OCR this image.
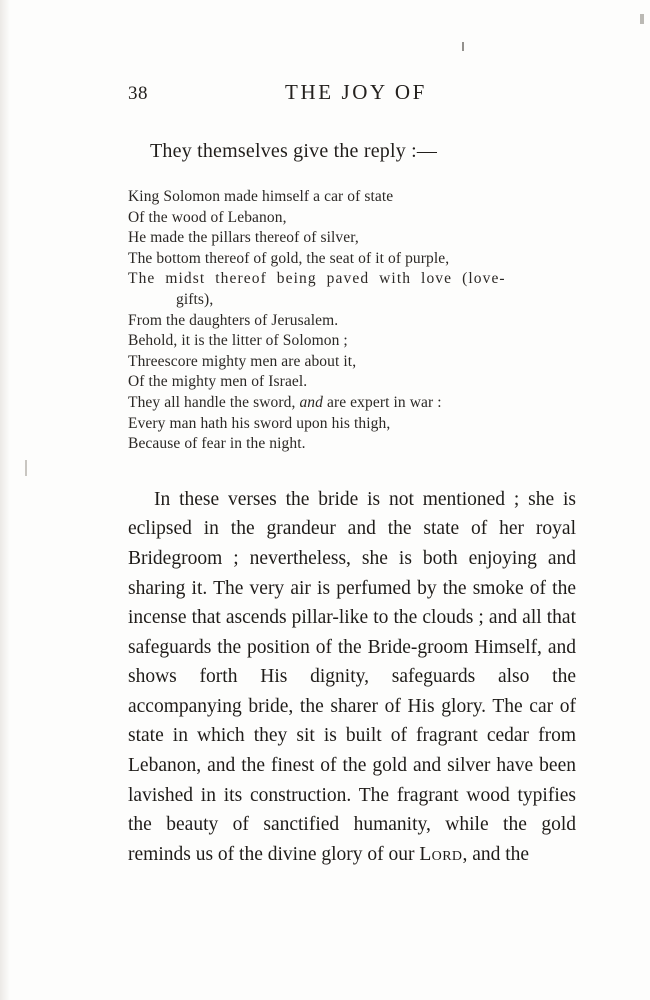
38	THE JOY OF
They themselves give the reply :—
King Solomon made himself a car of state
Of the wood of Lebanon,
He made the pillars thereof of silver,
The bottom thereof of gold, the seat of it of purple,
The  midst  thereof  being  paved  with  love  (love-
gifts),
From the daughters of Jerusalem.
Behold, it is the litter of Solomon ;
Threescore mighty men are about it,
Of the mighty men of Israel.
They all handle the sword, and are expert in war :
Every man hath his sword upon his thigh,
Because of fear in the night.
In these verses the bride is not mentioned ; she is eclipsed in the grandeur and the state of her royal Bridegroom ; nevertheless, she is both enjoying and sharing it. The very air is perfumed by the smoke of the incense that ascends pillar-like to the clouds ; and all that safeguards the position of the Bride-groom Himself, and shows forth His dignity, safeguards also the accompanying bride, the sharer of His glory. The car of state in which they sit is built of fragrant cedar from Lebanon, and the finest of the gold and silver have been lavished in its construction. The fragrant wood typifies the beauty of sanctified humanity, while the gold reminds us of the divine glory of our Lord, and the
